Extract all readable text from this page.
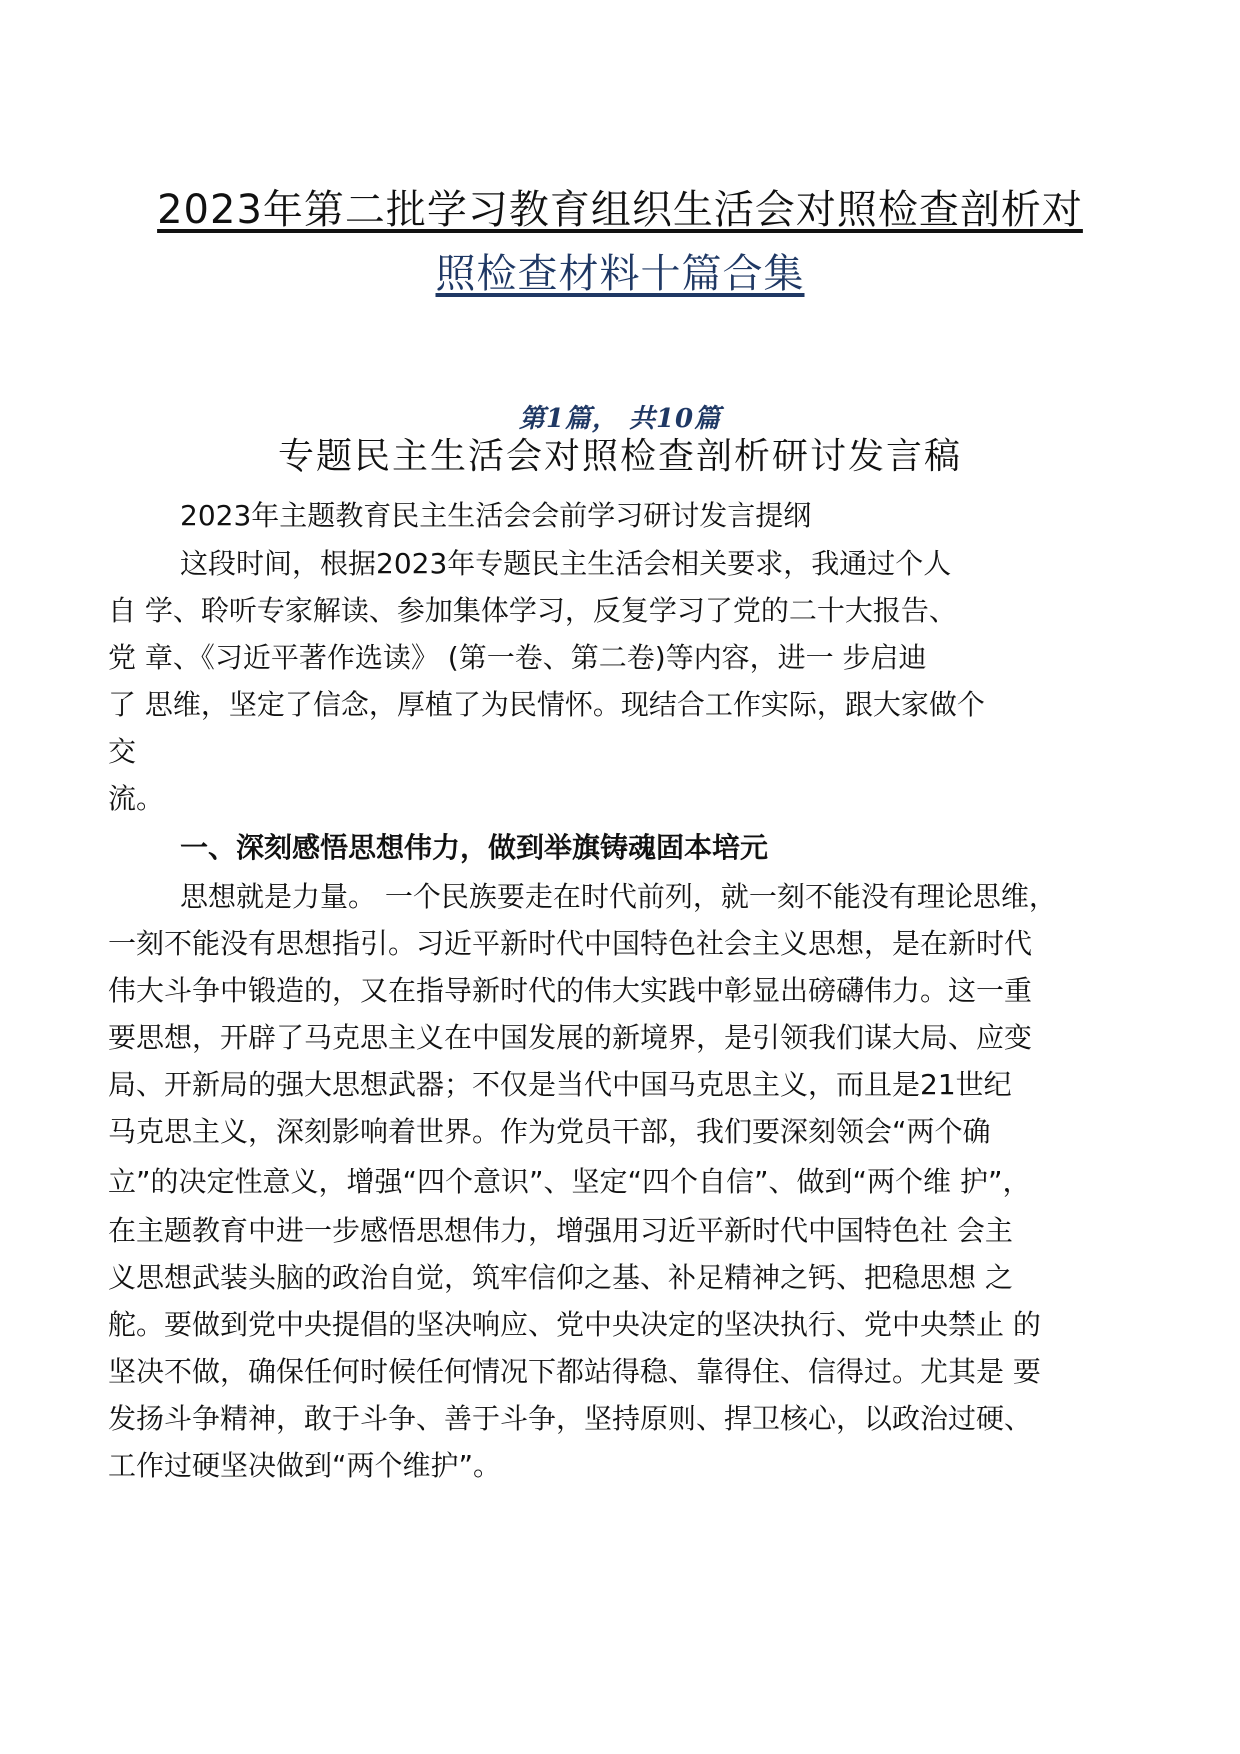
2023年第二批学习教育组织生活会对照检查剖析对
照检查材料十篇合集
第1篇， 共10篇
专题民主生活会对照检查剖析研讨发言稿
2023年主题教育民主生活会会前学习研讨发言提纲
这段时间，根据2023年专题民主生活会相关要求，我通过个人
自 学、聆听专家解读、参加集体学习，反复学习了党的二十大报告、
党 章、《习近平著作选读》 (第一卷、第二卷)等内容，进一 步启迪
了 思维，坚定了信念，厚植了为民情怀。现结合工作实际，跟大家做个
交
流。
一、深刻感悟思想伟力，做到举旗铸魂固本培元
思想就是力量。 一个民族要走在时代前列，就一刻不能没有理论思维，
一刻不能没有思想指引。习近平新时代中国特色社会主义思想，是在新时代
伟大斗争中锻造的，又在指导新时代的伟大实践中彰显出磅礴伟力。这一重
要思想，开辟了马克思主义在中国发展的新境界，是引领我们谋大局、应变
局、开新局的强大思想武器；不仅是当代中国马克思主义，而且是21世纪
马克思主义，深刻影响着世界。作为党员干部，我们要深刻领会“两个确
立”的决定性意义，增强“四个意识”、坚定“四个自信”、做到“两个维 护”，
在主题教育中进一步感悟思想伟力，增强用习近平新时代中国特色社 会主
义思想武装头脑的政治自觉，筑牢信仰之基、补足精神之钙、把稳思想 之
舵。要做到党中央提倡的坚决响应、党中央决定的坚决执行、党中央禁止 的
坚决不做，确保任何时候任何情况下都站得稳、靠得住、信得过。尤其是 要
发扬斗争精神，敢于斗争、善于斗争，坚持原则、捍卫核心，以政治过硬、
工作过硬坚决做到“两个维护”。
